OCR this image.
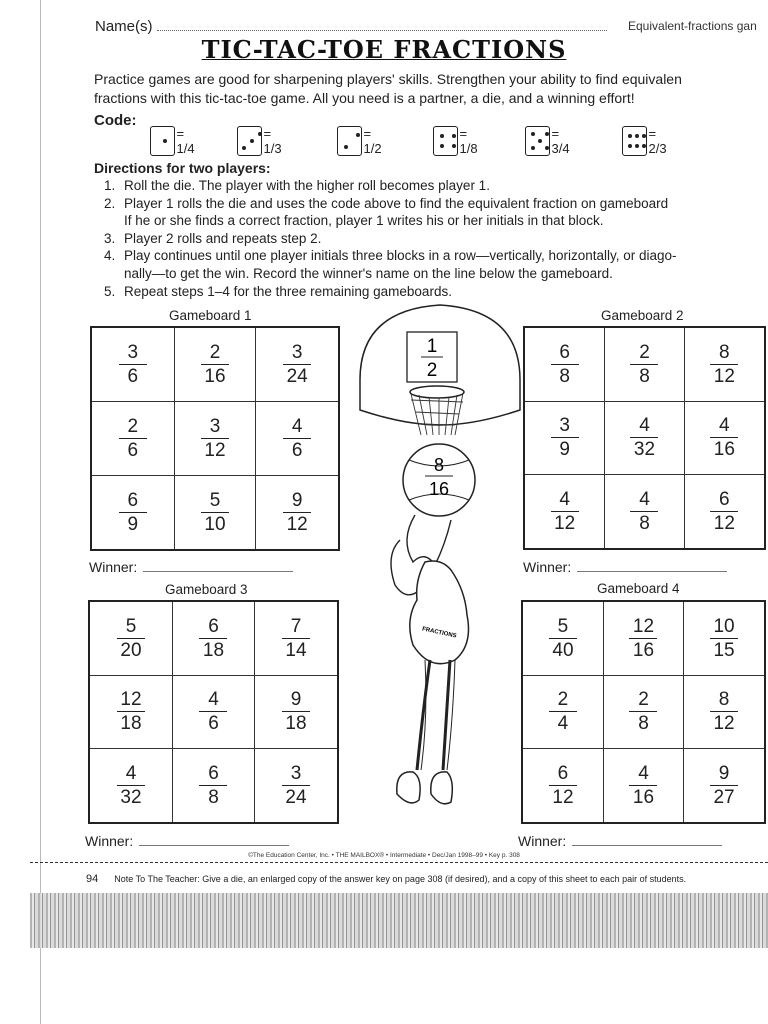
Name(s)	Equivalent-fractions gan
TIC-TAC-TOE FRACTIONS

Practice games are good for sharpening players' skills. Strengthen your ability to find equivalen

fractions with this tic-tac-toe game. All you need is a partner, a die, and a winning effort!

Code:
= 1/4
= 1/3
= 1/2
= 1/8
= 3/4
= 2/3
Directions for two players:
1. Roll the die. The player with the higher roll becomes player 1.
2. Player 1 rolls the die and uses the code above to find the equivalent fraction on gameboard
If he or she finds a correct fraction, player 1 writes his or her initials in that block.
3. Player 2 rolls and repeats step 2.
4. Play continues until one player initials three blocks in a row—vertically, horizontally, or diago-
nally—to get the win. Record the winner's name on the line below the gameboard.
5. Repeat steps 1–4 for the three remaining gameboards.
Gameboard 1
$\frac{3}{6}$	$\frac{2}{16}$	$\frac{3}{24}$

$\frac{2}{6}$	$\frac{3}{12}$	$\frac{4}{6}$

$\frac{6}{9}$	$\frac{5}{10}$	$\frac{9}{12}$
Winner:
Gameboard 2
$\frac{6}{8}$	$\frac{2}{8}$	$\frac{8}{12}$

$\frac{3}{9}$	$\frac{4}{32}$	$\frac{4}{16}$

$\frac{4}{12}$	$\frac{4}{8}$	$\frac{6}{12}$
Winner:
Gameboard 3
$\frac{5}{20}$	$\frac{6}{18}$	$\frac{7}{14}$

$\frac{12}{18}$	$\frac{4}{6}$	$\frac{9}{18}$

$\frac{4}{32}$	$\frac{6}{8}$	$\frac{3}{24}$
Winner:
Gameboard 4
$\frac{5}{40}$	$\frac{12}{16}$	$\frac{10}{15}$

$\frac{2}{4}$	$\frac{2}{8}$	$\frac{8}{12}$

$\frac{6}{12}$	$\frac{4}{16}$	$\frac{9}{27}$
Winner:
1
2
8
16
FRACTIONS
©The Education Center, Inc. • THE MAILBOX® • Intermediate • Dec/Jan 1998–99 • Key p. 308
94 Note To The Teacher: Give a die, an enlarged copy of the answer key on page 308 (if desired), and a copy of this sheet to each pair of students.
